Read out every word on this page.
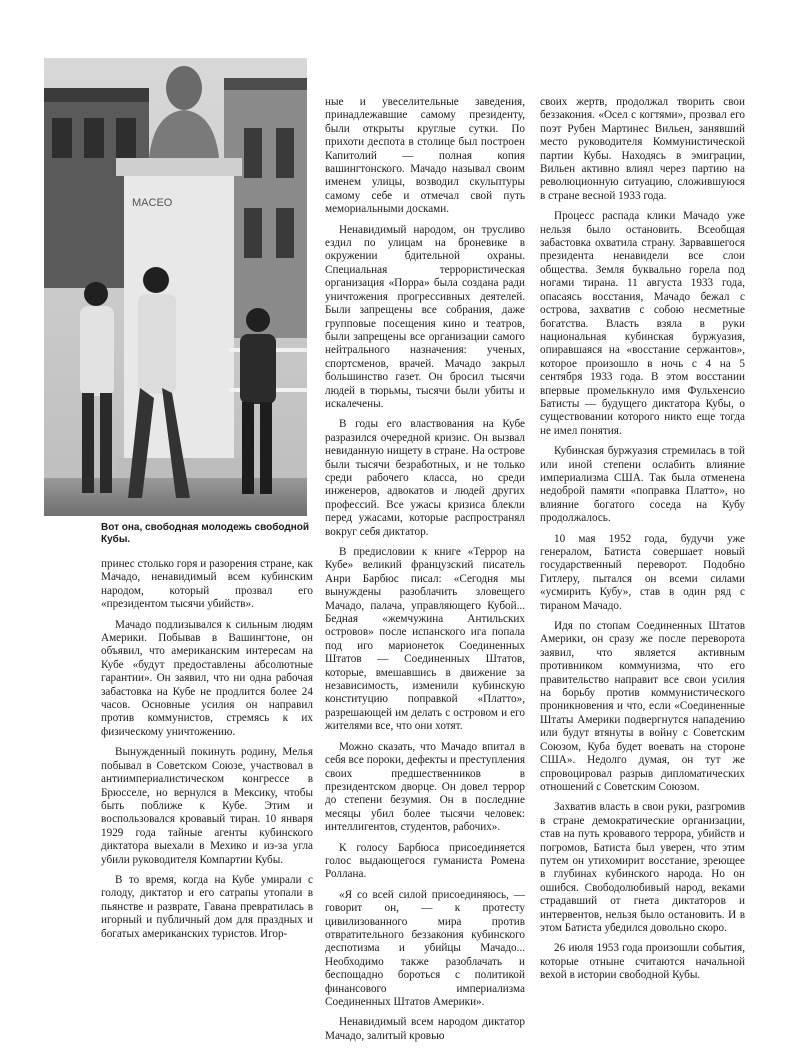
MACEO
Вот она, свободная молодежь свободной Кубы.

принес столько горя и разорения стране, как Мачадо, ненавидимый всем кубинским народом, который прозвал его «президентом тысячи убийств».

Мачадо подлизывался к сильным людям Америки. Побывав в Вашингтоне, он объявил, что американским интересам на Кубе «будут предоставлены абсолютные гарантии». Он заявил, что ни одна рабочая забастовка на Кубе не продлится более 24 часов. Основные усилия он направил против коммунистов, стремясь к их физическому уничтожению.

Вынужденный покинуть родину, Мелья побывал в Советском Союзе, участвовал в антиимпериалистическом конгрессе в Брюсселе, но вернулся в Мексику, чтобы быть поближе к Кубе. Этим и воспользовался кровавый тиран. 10 января 1929 года тайные агенты кубинского диктатора выехали в Мехико и из-за угла убили руководителя Компартии Кубы.

В то время, когда на Кубе умирали с голоду, диктатор и его сатрапы утопали в пьянстве и разврате, Гавана превратилась в игорный и публичный дом для праздных и богатых американских туристов. Игор-

ные и увеселительные заведения, принадлежавшие самому президенту, были открыты круглые сутки. По прихоти деспота в столице был построен Капитолий — полная копия вашингтонского. Мачадо называл своим именем улицы, возводил скульптуры самому себе и отмечал свой путь мемориальными досками.

Ненавидимый народом, он трусливо ездил по улицам на броневике в окружении бдительной охраны. Специальная террористическая организация «Порра» была создана ради уничтожения прогрессивных деятелей. Были запрещены все собрания, даже групповые посещения кино и театров, были запрещены все организации самого нейтрального назначения: ученых, спортсменов, врачей. Мачадо закрыл большинство газет. Он бросил тысячи людей в тюрьмы, тысячи были убиты и искалечены.

В годы его властвования на Кубе разразился очередной кризис. Он вызвал невиданную нищету в стране. На острове были тысячи безработных, и не только среди рабочего класса, но среди инженеров, адвокатов и людей других профессий. Все ужасы кризиса блекли перед ужасами, которые распространял вокруг себя диктатор.

В предисловии к книге «Террор на Кубе» великий французский писатель Анри Барбюс писал: «Сегодня мы вынуждены разоблачить зловещего Мачадо, палача, управляющего Кубой... Бедная «жемчужина Антильских островов» после испанского ига попала под иго марионеток Соединенных Штатов — Соединенных Штатов, которые, вмешавшись в движение за независимость, изменили кубинскую конституцию поправкой «Платто», разрешающей им делать с островом и его жителями все, что они хотят.

Можно сказать, что Мачадо впитал в себя все пороки, дефекты и преступления своих предшественников в президентском дворце. Он довел террор до степени безумия. Он в последние месяцы убил более тысячи человек: интеллигентов, студентов, рабочих».

К голосу Барбюса присоединяется голос выдающегося гуманиста Ромена Роллана.

«Я со всей силой присоединяюсь, — говорит он, — к протесту цивилизованного мира против отвратительного беззакония кубинского деспотизма и убийцы Мачадо... Необходимо также разоблачать и беспощадно бороться с политикой финансового империализма Соединенных Штатов Америки».

Ненавидимый всем народом диктатор Мачадо, залитый кровью

своих жертв, продолжал творить свои беззакония. «Осел с когтями», прозвал его поэт Рубен Мартинес Вильен, занявший место руководителя Коммунистической партии Кубы. Находясь в эмиграции, Вильен активно влиял через партию на революционную ситуацию, сложившуюся в стране весной 1933 года.

Процесс распада клики Мачадо уже нельзя было остановить. Всеобщая забастовка охватила страну. Зарвавшегося президента ненавидели все слои общества. Земля буквально горела под ногами тирана. 11 августа 1933 года, опасаясь восстания, Мачадо бежал с острова, захватив с собою несметные богатства. Власть взяла в руки национальная кубинская буржуазия, опиравшаяся на «восстание сержантов», которое произошло в ночь с 4 на 5 сентября 1933 года. В этом восстании впервые промелькнуло имя Фульхенсио Батисты — будущего диктатора Кубы, о существовании которого никто еще тогда не имел понятия.

Кубинская буржуазия стремилась в той или иной степени ослабить влияние империализма США. Так была отменена недоброй памяти «поправка Платто», но влияние богатого соседа на Кубу продолжалось.

10 мая 1952 года, будучи уже генералом, Батиста совершает новый государственный переворот. Подобно Гитлеру, пытался он всеми силами «усмирить Кубу», став в один ряд с тираном Мачадо.

Идя по стопам Соединенных Штатов Америки, он сразу же после переворота заявил, что является активным противником коммунизма, что его правительство направит все свои усилия на борьбу против коммунистического проникновения и что, если «Соединенные Штаты Америки подвергнутся нападению или будут втянуты в войну с Советским Союзом, Куба будет воевать на стороне США». Недолго думая, он тут же спровоцировал разрыв дипломатических отношений с Советским Союзом.

Захватив власть в свои руки, разгромив в стране демократические организации, став на путь кровавого террора, убийств и погромов, Батиста был уверен, что этим путем он утихомирит восстание, зреющее в глубинах кубинского народа. Но он ошибся. Свободолюбивый народ, веками страдавший от гнета диктаторов и интервентов, нельзя было остановить. И в этом Батиста убедился довольно скоро.

26 июля 1953 года произошли события, которые отныне считаются начальной вехой в истории свободной Кубы.
